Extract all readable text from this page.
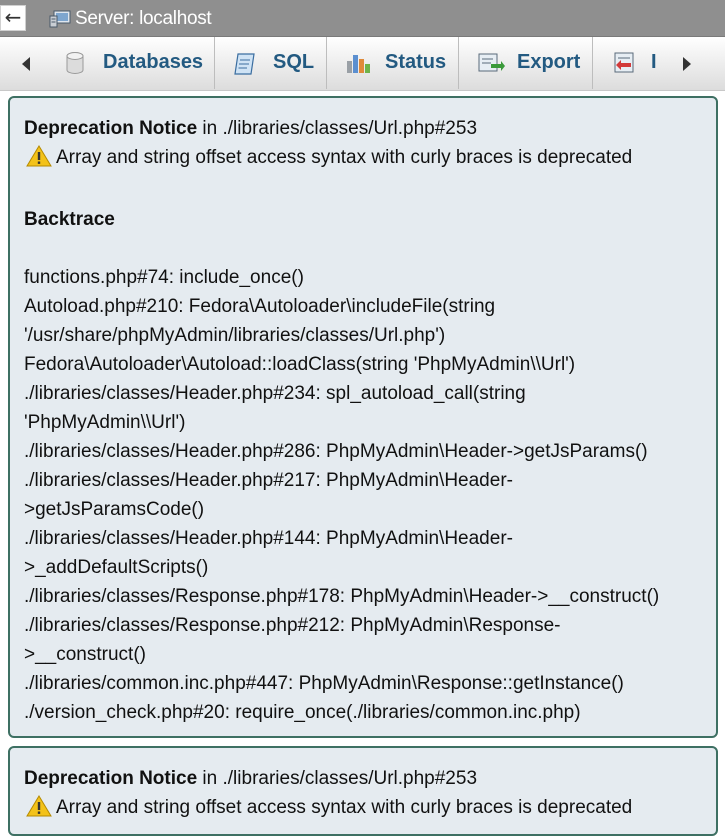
←	Server: localhost
Databases	SQL	Status	Export	I
Deprecation Notice in ./libraries/classes/Url.php#253
Array and string offset access syntax with curly braces is deprecated
Backtrace
functions.php#74: include_once()
Autoload.php#210: Fedora\Autoloader\includeFile(string
'/usr/share/phpMyAdmin/libraries/classes/Url.php')
Fedora\Autoloader\Autoload::loadClass(string 'PhpMyAdmin\\Url')
./libraries/classes/Header.php#234: spl_autoload_call(string
'PhpMyAdmin\\Url')
./libraries/classes/Header.php#286: PhpMyAdmin\Header->getJsParams()
./libraries/classes/Header.php#217: PhpMyAdmin\Header-
>getJsParamsCode()
./libraries/classes/Header.php#144: PhpMyAdmin\Header-
>_addDefaultScripts()
./libraries/classes/Response.php#178: PhpMyAdmin\Header->__construct()
./libraries/classes/Response.php#212: PhpMyAdmin\Response-
>__construct()
./libraries/common.inc.php#447: PhpMyAdmin\Response::getInstance()
./version_check.php#20: require_once(./libraries/common.inc.php)
Deprecation Notice in ./libraries/classes/Url.php#253
Array and string offset access syntax with curly braces is deprecated
